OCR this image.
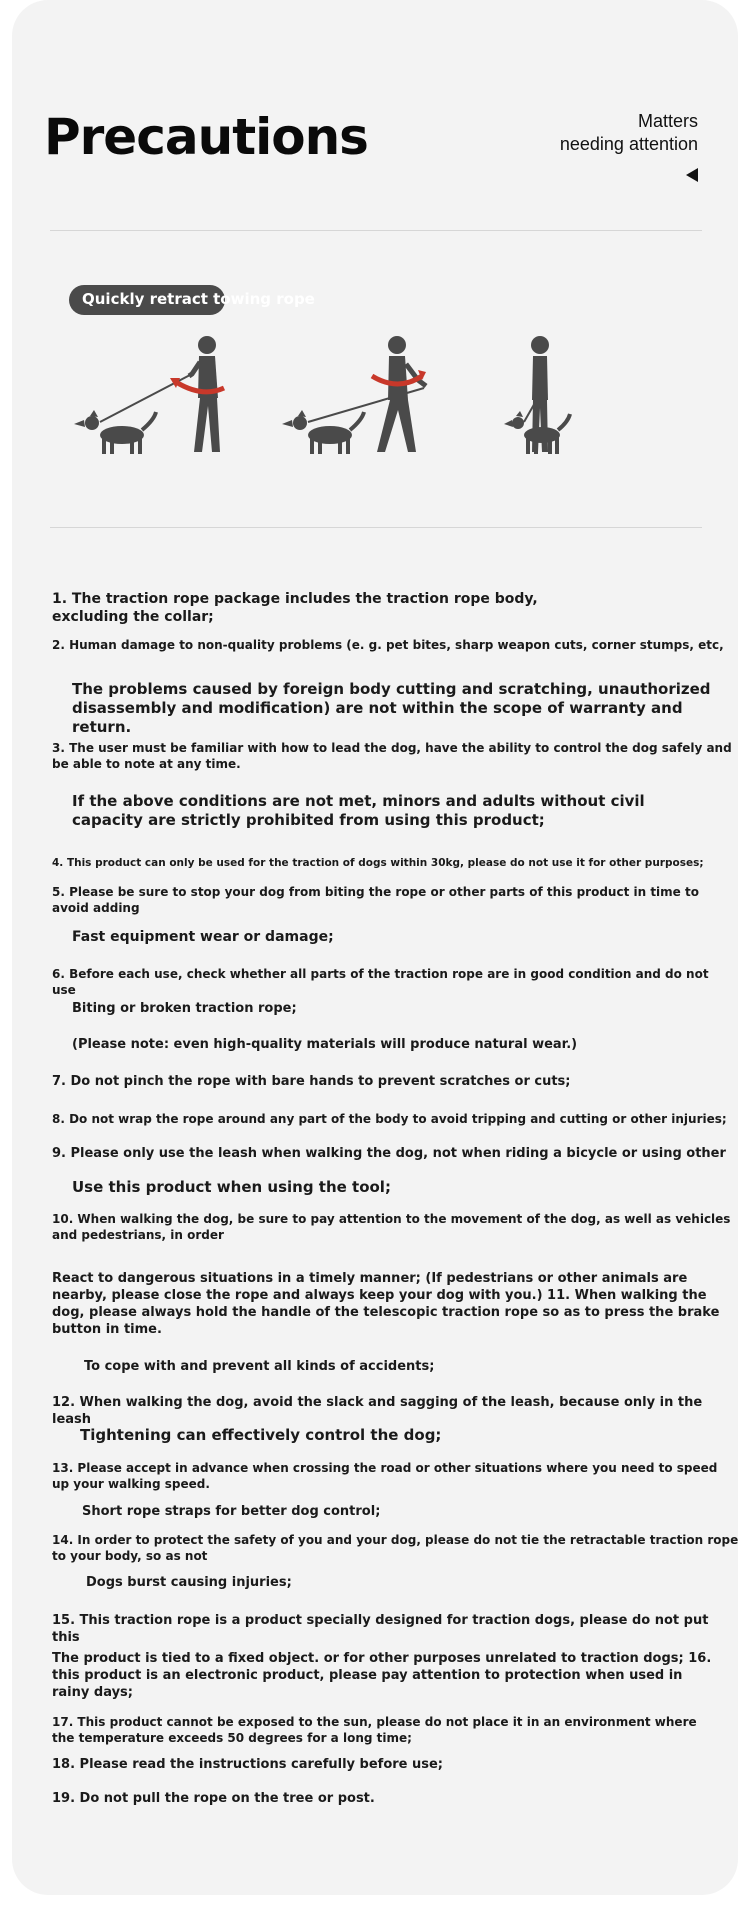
Precautions	Matters
needing attention
Quickly retract towing rope

1. The traction rope package includes the traction rope body, excluding the collar;

2. Human damage to non-quality problems (e. g. pet bites, sharp weapon cuts, corner stumps, etc,

The problems caused by foreign body cutting and scratching, unauthorized disassembly and modification) are not within the scope of warranty and return.

3. The user must be familiar with how to lead the dog, have the ability to control the dog safely and be able to note at any time.

If the above conditions are not met, minors and adults without civil capacity are strictly prohibited from using this product;

4. This product can only be used for the traction of dogs within 30kg, please do not use it for other purposes;

5. Please be sure to stop your dog from biting the rope or other parts of this product in time to avoid adding

Fast equipment wear or damage;

6. Before each use, check whether all parts of the traction rope are in good condition and do not use

Biting or broken traction rope;

(Please note: even high-quality materials will produce natural wear.)

7. Do not pinch the rope with bare hands to prevent scratches or cuts;

8. Do not wrap the rope around any part of the body to avoid tripping and cutting or other injuries;

9. Please only use the leash when walking the dog, not when riding a bicycle or using other

Use this product when using the tool;

10. When walking the dog, be sure to pay attention to the movement of the dog, as well as vehicles and pedestrians, in order

React to dangerous situations in a timely manner; (If pedestrians or other animals are nearby, please close the rope and always keep your dog with you.) 11. When walking the dog, please always hold the handle of the telescopic traction rope so as to press the brake button in time.

To cope with and prevent all kinds of accidents;

12. When walking the dog, avoid the slack and sagging of the leash, because only in the leash

Tightening can effectively control the dog;

13. Please accept in advance when crossing the road or other situations where you need to speed up your walking speed.

Short rope straps for better dog control;

14. In order to protect the safety of you and your dog, please do not tie the retractable traction rope to your body, so as not

Dogs burst causing injuries;

15. This traction rope is a product specially designed for traction dogs, please do not put this

The product is tied to a fixed object. or for other purposes unrelated to traction dogs; 16. this product is an electronic product, please pay attention to protection when used in rainy days;

17. This product cannot be exposed to the sun, please do not place it in an environment where the temperature exceeds 50 degrees for a long time;

18. Please read the instructions carefully before use;

19. Do not pull the rope on the tree or post.
